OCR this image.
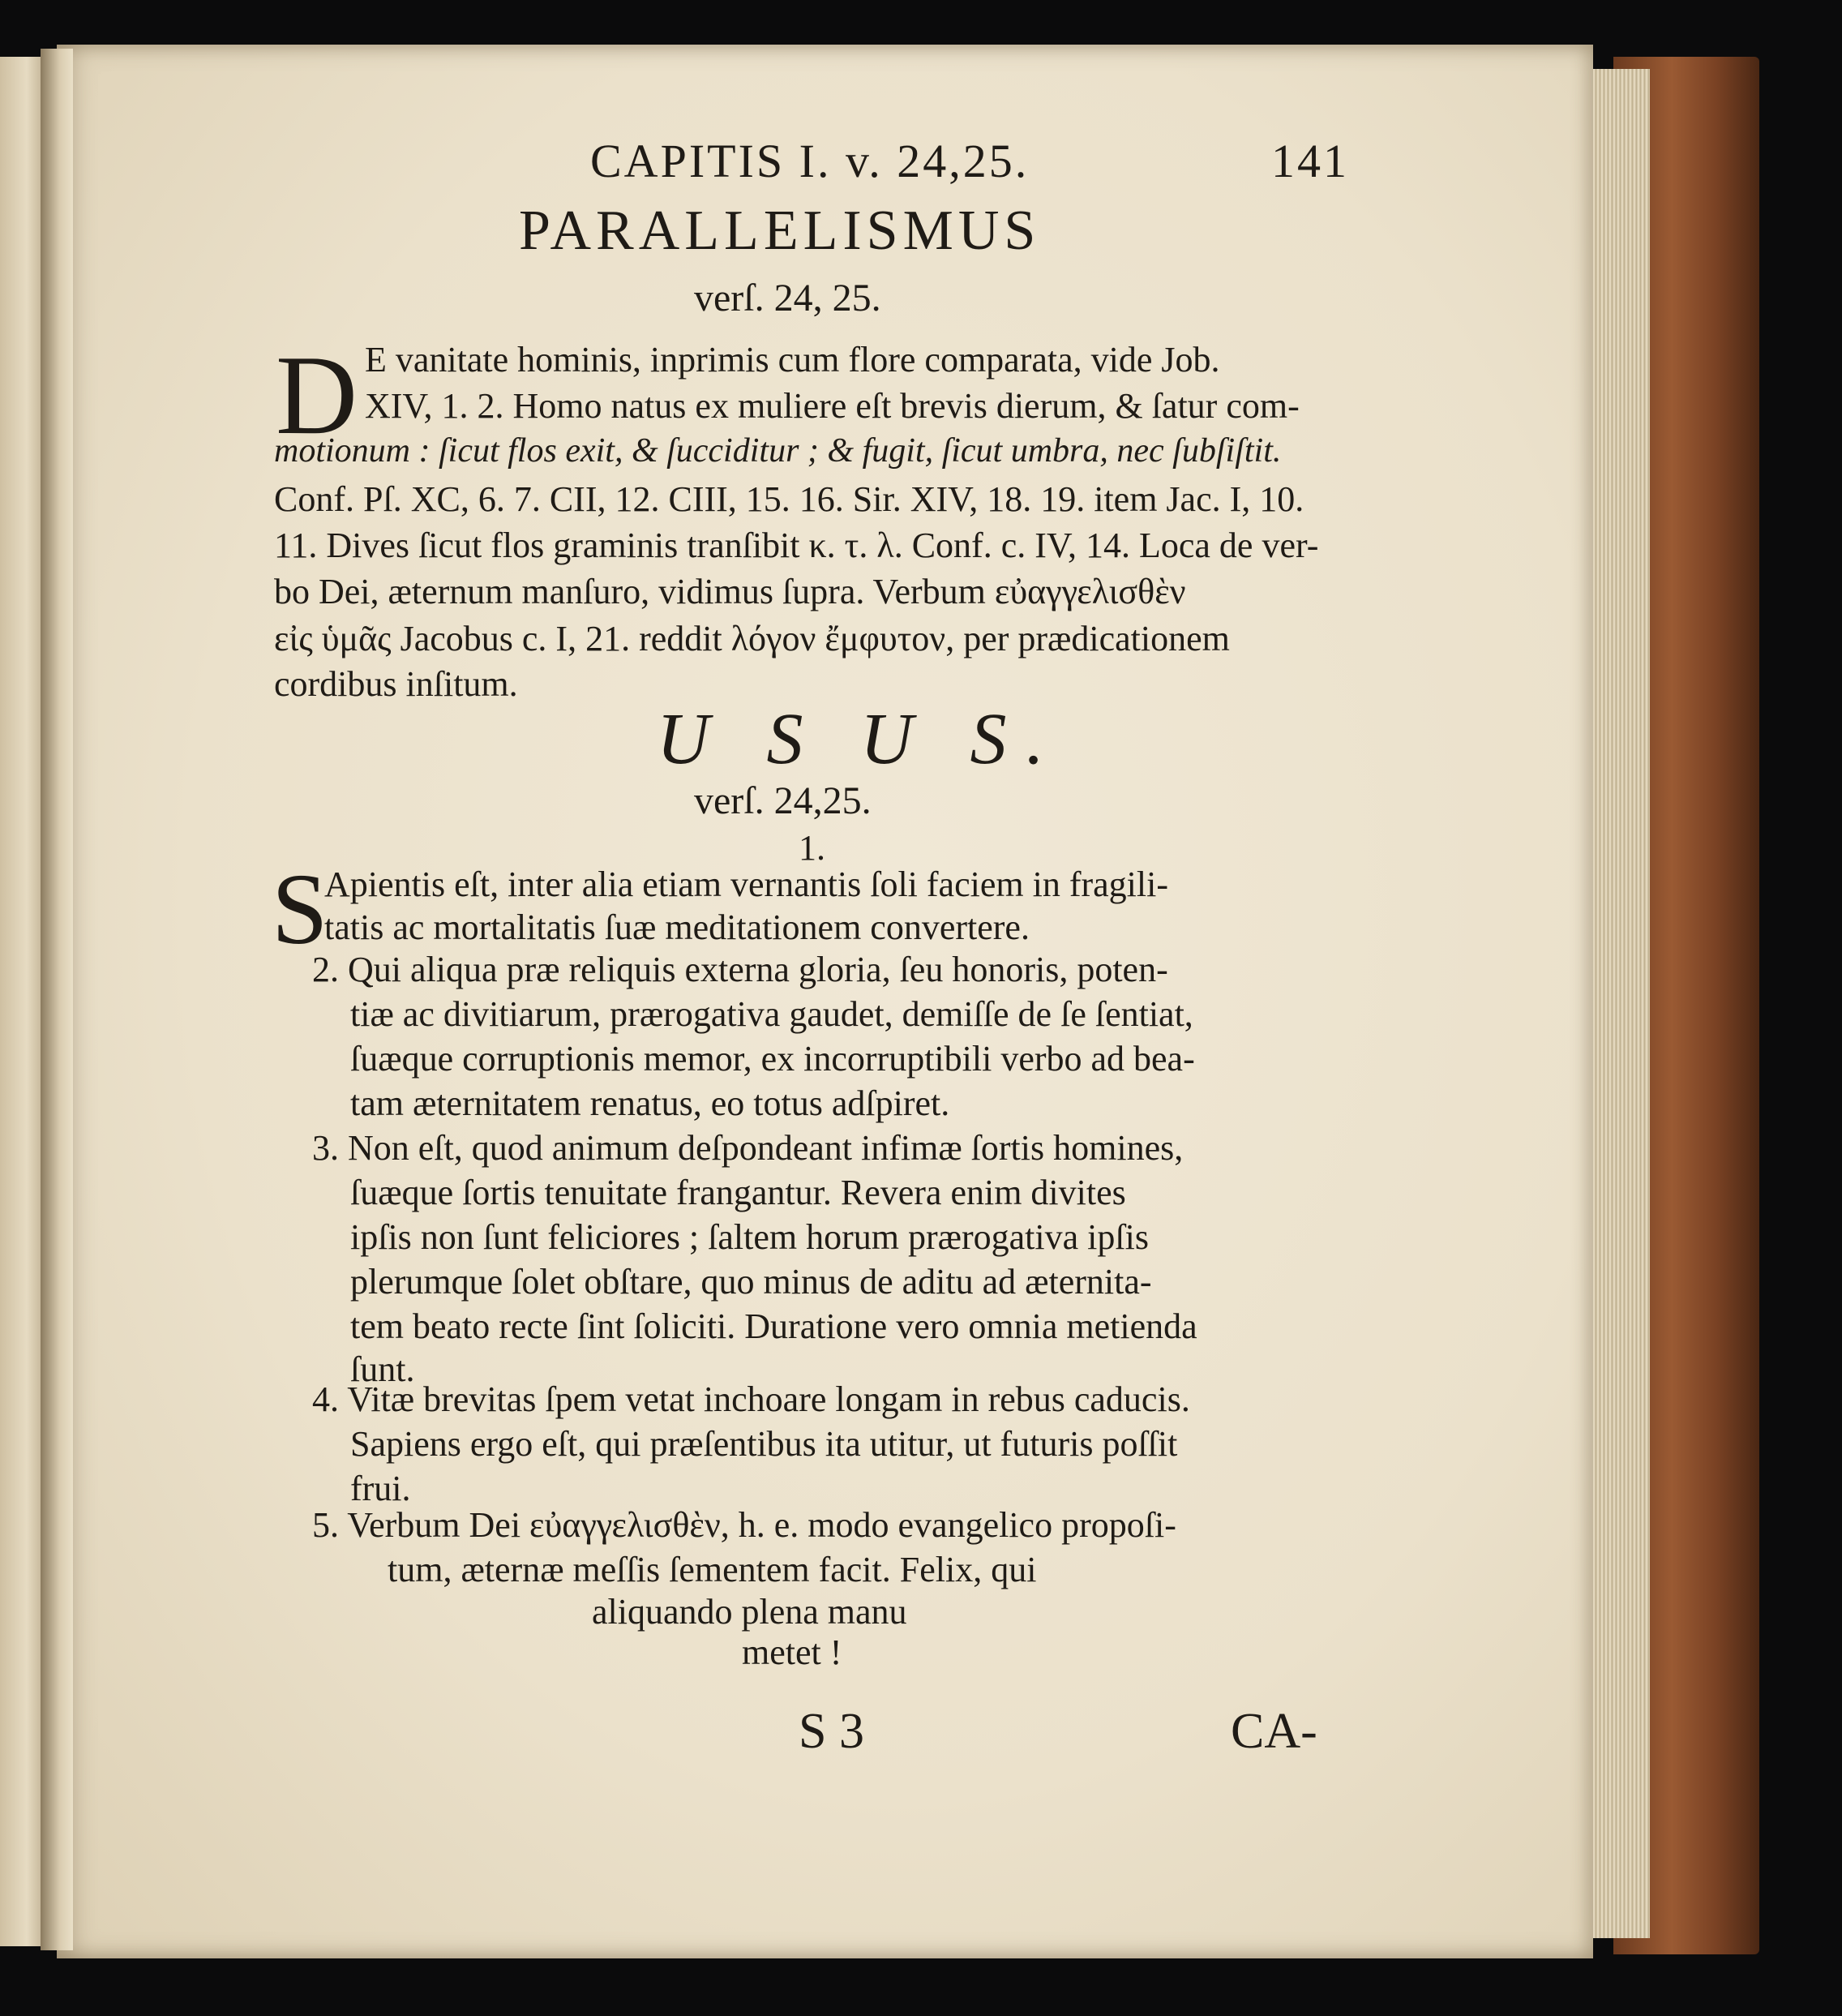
CAPITIS I. v. 24,25.	141
PARALLELISMUS
verſ. 24, 25.
D E vanitate hominis, inprimis cum flore comparata, vide Job.
XIV, 1. 2. Homo natus ex muliere eſt brevis dierum, & ſatur com-
motionum : ſicut flos exit, & ſucciditur ; & fugit, ſicut umbra, nec ſubſiſtit.
Conf. Pſ. XC, 6. 7. CII, 12. CIII, 15. 16. Sir. XIV, 18. 19. item Jac. I, 10.
11. Dives ſicut flos graminis tranſibit κ. τ. λ. Conf. c. IV, 14. Loca de ver-
bo Dei, æternum manſuro, vidimus ſupra. Verbum εὐαγγελισθὲν
εἰς ὑμᾶς Jacobus c. I, 21. reddit λόγον ἔμφυτον, per prædicationem
cordibus inſitum.
U S U S.
verſ. 24,25.
1.
S
Apientis eſt, inter alia etiam vernantis ſoli faciem in fragili-
tatis ac mortalitatis ſuæ meditationem convertere.
2. Qui aliqua præ reliquis externa gloria, ſeu honoris, poten-
tiæ ac divitiarum, prærogativa gaudet, demiſſe de ſe ſentiat,
ſuæque corruptionis memor, ex incorruptibili verbo ad bea-
tam æternitatem renatus, eo totus adſpiret.
3. Non eſt, quod animum deſpondeant infimæ ſortis homines,
ſuæque ſortis tenuitate frangantur. Revera enim divites
ipſis non ſunt feliciores ; ſaltem horum prærogativa ipſis
plerumque ſolet obſtare, quo minus de aditu ad æternita-
tem beato recte ſint ſoliciti. Duratione vero omnia metienda
ſunt.
4. Vitæ brevitas ſpem vetat inchoare longam in rebus caducis.
Sapiens ergo eſt, qui præſentibus ita utitur, ut futuris poſſit
frui.
5. Verbum Dei εὐαγγελισθὲν, h. e. modo evangelico propoſi-
tum, æternæ meſſis ſementem facit. Felix, qui
aliquando plena manu
metet !
S 3	CA-
